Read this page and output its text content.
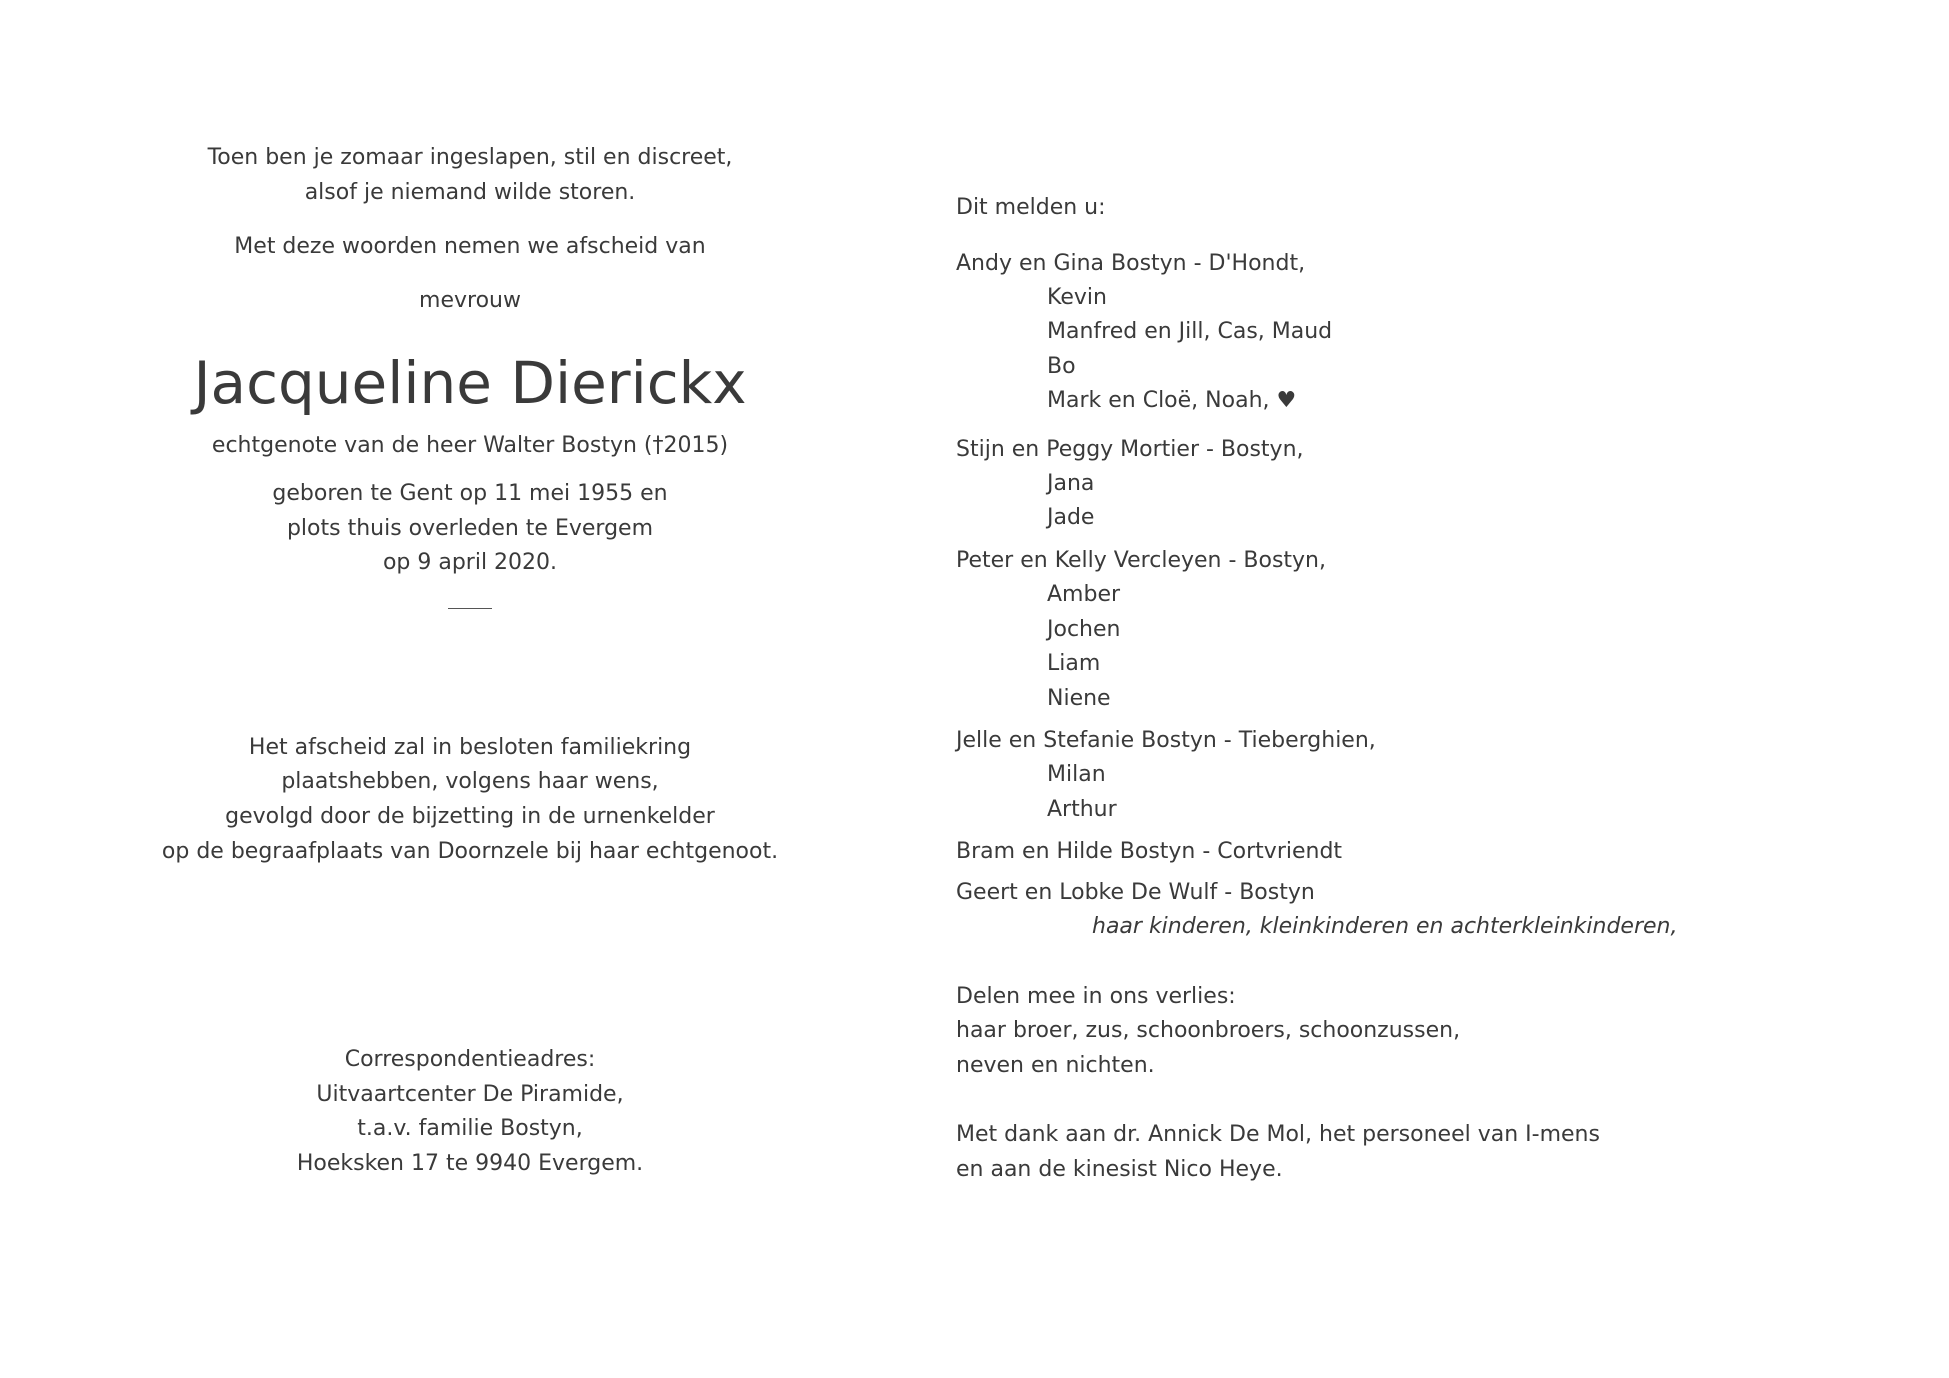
Toen ben je zomaar ingeslapen, stil en discreet,
alsof je niemand wilde storen.
Met deze woorden nemen we afscheid van
mevrouw
Jacqueline Dierickx
echtgenote van de heer Walter Bostyn (†2015)
geboren te Gent op 11 mei 1955 en
plots thuis overleden te Evergem
op 9 april 2020.
Het afscheid zal in besloten familiekring
plaatshebben, volgens haar wens,
gevolgd door de bijzetting in de urnenkelder
op de begraafplaats van Doornzele bij haar echtgenoot.
Correspondentieadres:
Uitvaartcenter De Piramide,
t.a.v. familie Bostyn,
Hoeksken 17 te 9940 Evergem.
Dit melden u:
Andy en Gina Bostyn - D'Hondt,
Kevin
Manfred en Jill, Cas, Maud
Bo
Mark en Cloë, Noah, ♥
Stijn en Peggy Mortier - Bostyn,
Jana
Jade
Peter en Kelly Vercleyen - Bostyn,
Amber
Jochen
Liam
Niene
Jelle en Stefanie Bostyn - Tieberghien,
Milan
Arthur
Bram en Hilde Bostyn - Cortvriendt
Geert en Lobke De Wulf - Bostyn
haar kinderen, kleinkinderen en achterkleinkinderen,
Delen mee in ons verlies:
haar broer, zus, schoonbroers, schoonzussen,
neven en nichten.
Met dank aan dr. Annick De Mol, het personeel van I-mens
en aan de kinesist Nico Heye.
